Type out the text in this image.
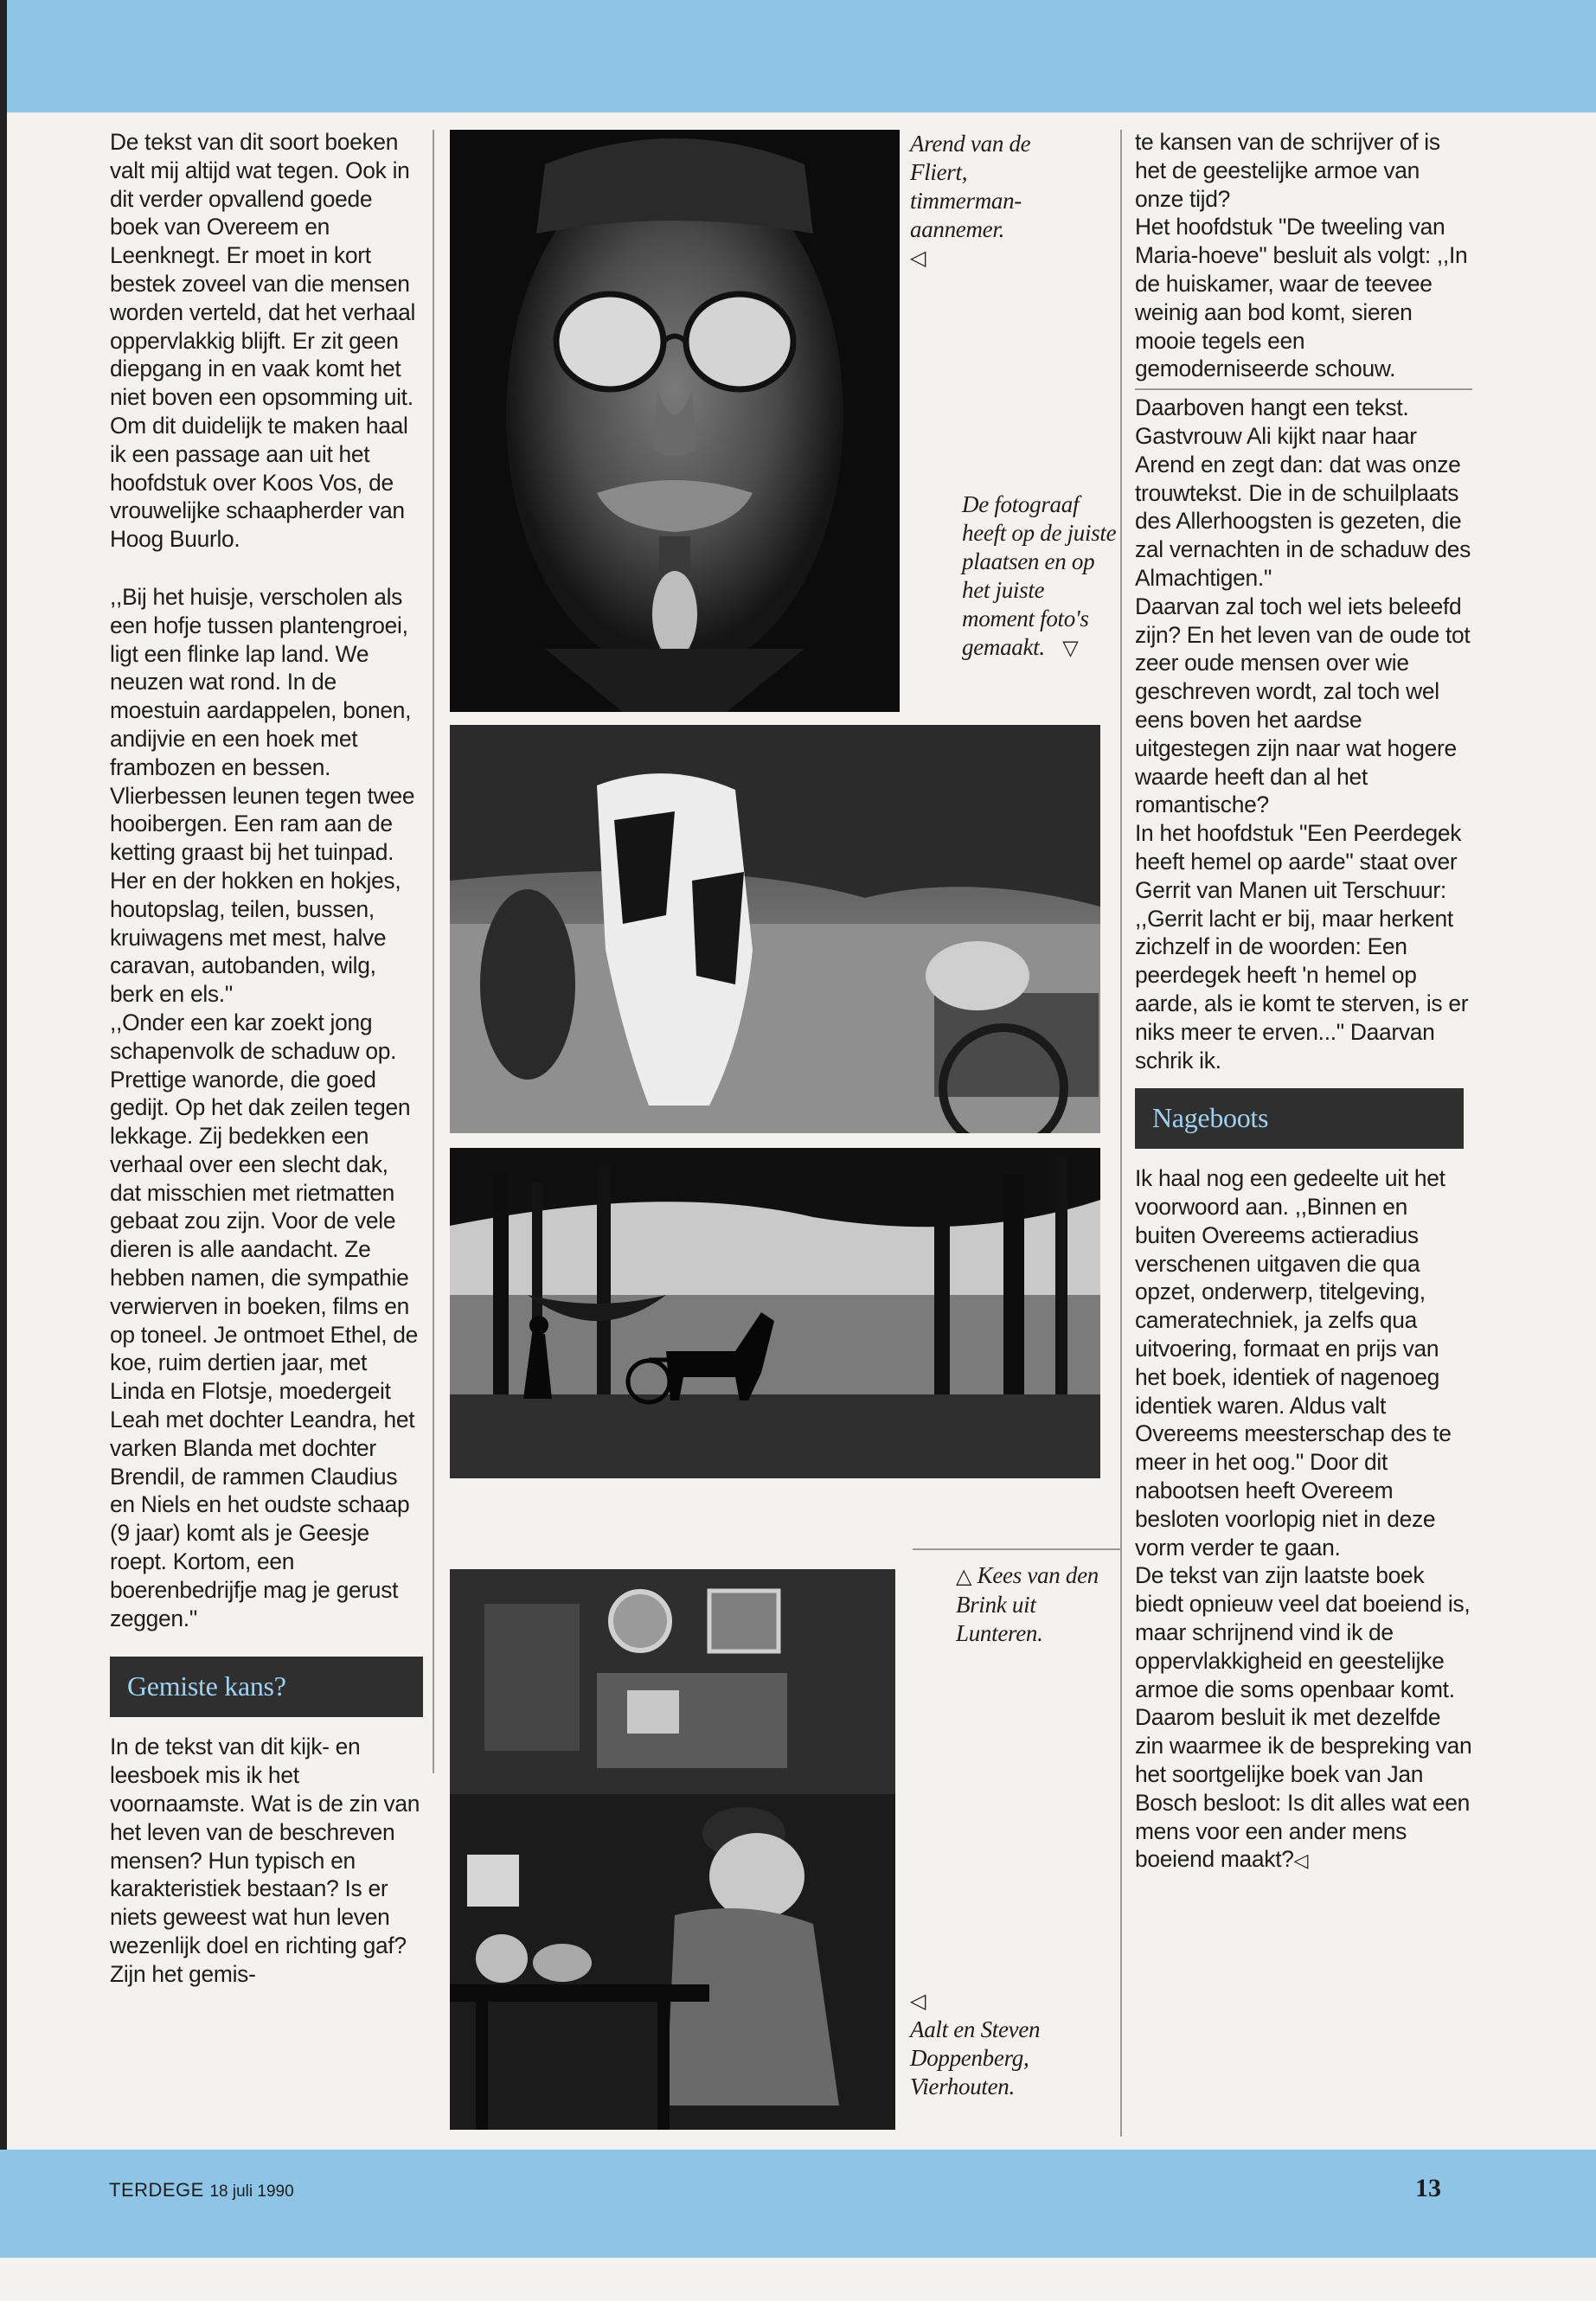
De tekst van dit soort boeken valt mij altijd wat tegen. Ook in dit verder opvallend goede boek van Overeem en Leenknegt. Er moet in kort bestek zoveel van die mensen worden verteld, dat het verhaal oppervlakkig blijft. Er zit geen diepgang in en vaak komt het niet boven een opsomming uit. Om dit duidelijk te maken haal ik een passage aan uit het hoofdstuk over Koos Vos, de vrouwelijke schaapherder van Hoog Buurlo.

,,Bij het huisje, verscholen als een hofje tussen plantengroei, ligt een flinke lap land. We neuzen wat rond. In de moestuin aardappelen, bonen, andijvie en een hoek met frambozen en bessen. Vlierbessen leunen tegen twee hooibergen. Een ram aan de ketting graast bij het tuinpad. Her en der hokken en hokjes, houtopslag, teilen, bussen, kruiwagens met mest, halve caravan, autobanden, wilg, berk en els."

,,Onder een kar zoekt jong schapenvolk de schaduw op. Prettige wanorde, die goed gedijt. Op het dak zeilen tegen lekkage. Zij bedekken een verhaal over een slecht dak, dat misschien met rietmatten gebaat zou zijn. Voor de vele dieren is alle aandacht. Ze hebben namen, die sympathie verwierven in boeken, films en op toneel. Je ontmoet Ethel, de koe, ruim dertien jaar, met Linda en Flotsje, moedergeit Leah met dochter Leandra, het varken Blanda met dochter Brendil, de rammen Claudius en Niels en het oudste schaap (9 jaar) komt als je Geesje roept. Kortom, een boerenbedrijfje mag je gerust zeggen."

Gemiste kans?

In de tekst van dit kijk- en leesboek mis ik het voornaamste. Wat is de zin van het leven van de beschreven mensen? Hun typisch en karakteristiek bestaan? Is er niets geweest wat hun leven wezenlijk doel en richting gaf? Zijn het gemis-

Arend van de Fliert, timmerman-aannemer.
◁
De fotograaf heeft op de juiste plaatsen en op het juiste moment foto's gemaakt. ▽
△ Kees van den Brink uit Lunteren.
◁
Aalt en Steven Doppenberg, Vierhouten.

te kansen van de schrijver of is het de geestelijke armoe van onze tijd?

Het hoofdstuk "De tweeling van Maria-hoeve" besluit als volgt: ,,In de huiskamer, waar de teevee weinig aan bod komt, sieren mooie tegels een gemoderniseerde schouw.

Daarboven hangt een tekst. Gastvrouw Ali kijkt naar haar Arend en zegt dan: dat was onze trouwtekst. Die in de schuilplaats des Allerhoogsten is gezeten, die zal vernachten in de schaduw des Almachtigen."

Daarvan zal toch wel iets beleefd zijn? En het leven van de oude tot zeer oude mensen over wie geschreven wordt, zal toch wel eens boven het aardse uitgestegen zijn naar wat hogere waarde heeft dan al het romantische?

In het hoofdstuk "Een Peerdegek heeft hemel op aarde" staat over Gerrit van Manen uit Terschuur: ,,Gerrit lacht er bij, maar herkent zichzelf in de woorden: Een peerdegek heeft 'n hemel op aarde, als ie komt te sterven, is er niks meer te erven..." Daarvan schrik ik.

Nageboots

Ik haal nog een gedeelte uit het voorwoord aan. ,,Binnen en buiten Overeems actieradius verschenen uitgaven die qua opzet, onderwerp, titelgeving, cameratechniek, ja zelfs qua uitvoering, formaat en prijs van het boek, identiek of nagenoeg identiek waren. Aldus valt Overeems meesterschap des te meer in het oog." Door dit nabootsen heeft Overeem besloten voorlopig niet in deze vorm verder te gaan.

De tekst van zijn laatste boek biedt opnieuw veel dat boeiend is, maar schrijnend vind ik de oppervlakkigheid en geestelijke armoe die soms openbaar komt. Daarom besluit ik met dezelfde zin waarmee ik de bespreking van het soortgelijke boek van Jan Bosch besloot: Is dit alles wat een mens voor een ander mens boeiend maakt?◁

TERDEGE 18 juli 1990	13
